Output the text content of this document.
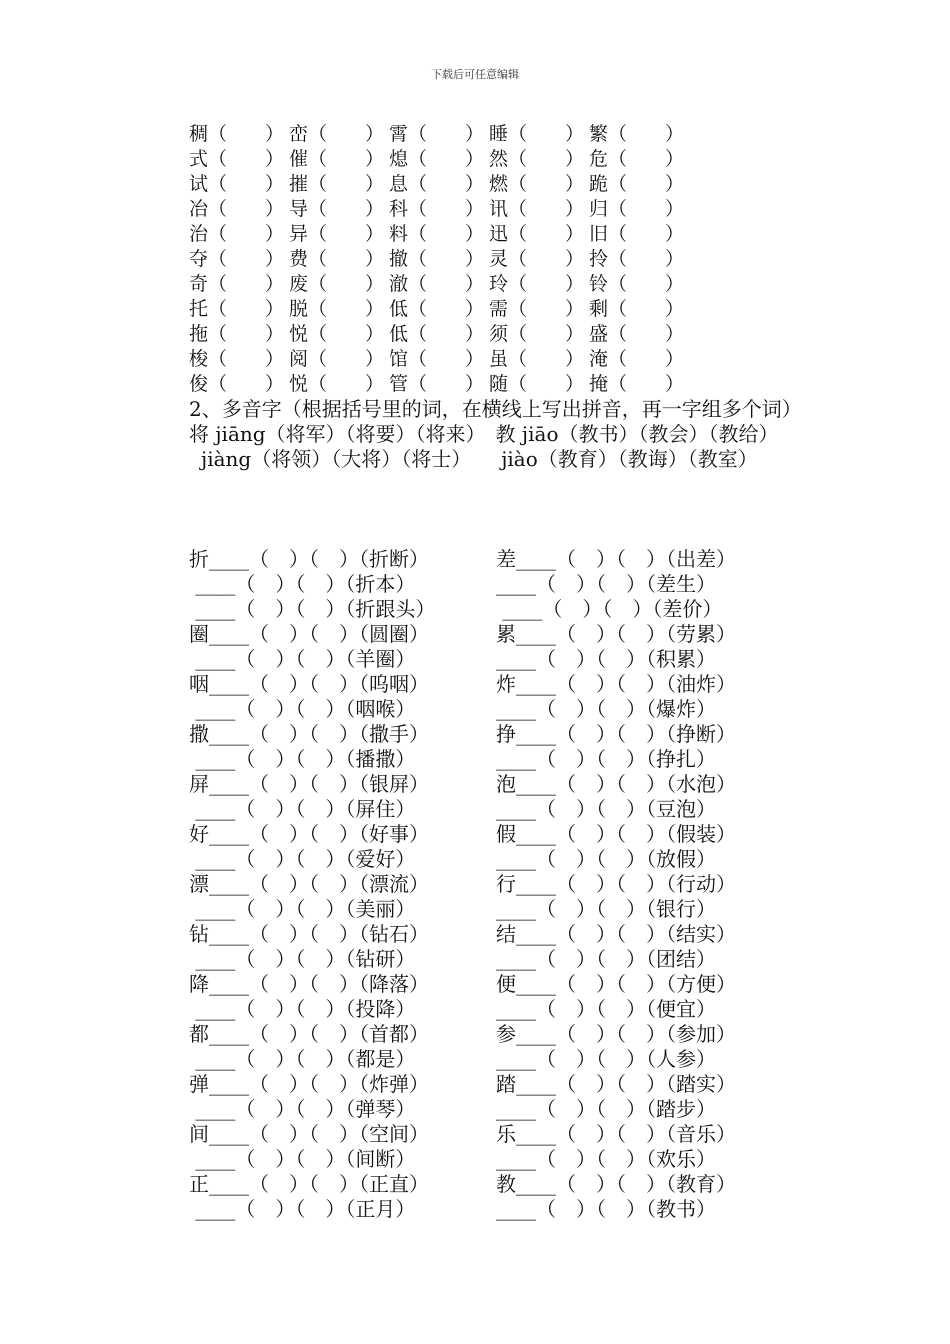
下载后可任意编辑
稠（　　） 峦（　　） 霄（　　） 睡（　　） 繁（　　）
式（　　） 催（　　） 熄（　　） 然（　　） 危（　　）
试（　　） 摧（　　） 息（　　） 燃（　　） 跪（　　）
冶（　　） 导（　　） 科（　　） 讯（　　） 归（　　）
治（　　） 异（　　） 料（　　） 迅（　　） 旧（　　）
夺（　　） 费（　　） 撤（　　） 灵（　　） 拎（　　）
奇（　　） 废（　　） 澈（　　） 玲（　　） 铃（　　）
托（　　） 脱（　　） 低（　　） 需（　　） 剩（　　）
拖（　　） 悦（　　） 低（　　） 须（　　） 盛（　　）
梭（　　） 阅（　　） 馆（　　） 虽（　　） 淹（　　）
俊（　　） 悦（　　） 管（　　） 随（　　） 掩（　　）
2、多音字（根据括号里的词，在横线上写出拼音，再一字组多个词）
将 jiāng（将军）（将要）（将来）　教 jiāo（教书）（教会）（教给）
jiàng（将领）（大将）（将士）　　jiào（教育）（教诲）（教室）
折____（　）（　）（折断）	差____（　）（　）（出差）
____（　）（　）（折本）	____（　）（　）（差生）
____（　）（　）（折跟头）	____（　）（　）（差价）
圈____（　）（　）（圆圈）	累____（　）（　）（劳累）
____（　）（　）（羊圈）	____（　）（　）（积累）
咽____（　）（　）（呜咽）	炸____（　）（　）（油炸）
____（　）（　）（咽喉）	____（　）（　）（爆炸）
撒____（　）（　）（撒手）	挣____（　）（　）（挣断）
____（　）（　）（播撒）	____（　）（　）（挣扎）
屏____（　）（　）（银屏）	泡____（　）（　）（水泡）
____（　）（　）（屏住）	____（　）（　）（豆泡）
好____（　）（　）（好事）	假____（　）（　）（假装）
____（　）（　）（爱好）	____（　）（　）（放假）
漂____（　）（　）（漂流）	行____（　）（　）（行动）
____（　）（　）（美丽）	____（　）（　）（银行）
钻____（　）（　）（钻石）	结____（　）（　）（结实）
____（　）（　）（钻研）	____（　）（　）（团结）
降____（　）（　）（降落）	便____（　）（　）（方便）
____（　）（　）（投降）	____（　）（　）（便宜）
都____（　）（　）（首都）	参____（　）（　）（参加）
____（　）（　）（都是）	____（　）（　）（人参）
弹____（　）（　）（炸弹）	踏____（　）（　）（踏实）
____（　）（　）（弹琴）	____（　）（　）（踏步）
间____（　）（　）（空间）	乐____（　）（　）（音乐）
____（　）（　）（间断）	____（　）（　）（欢乐）
正____（　）（　）（正直）	教____（　）（　）（教育）
____（　）（　）（正月）	____（　）（　）（教书）
